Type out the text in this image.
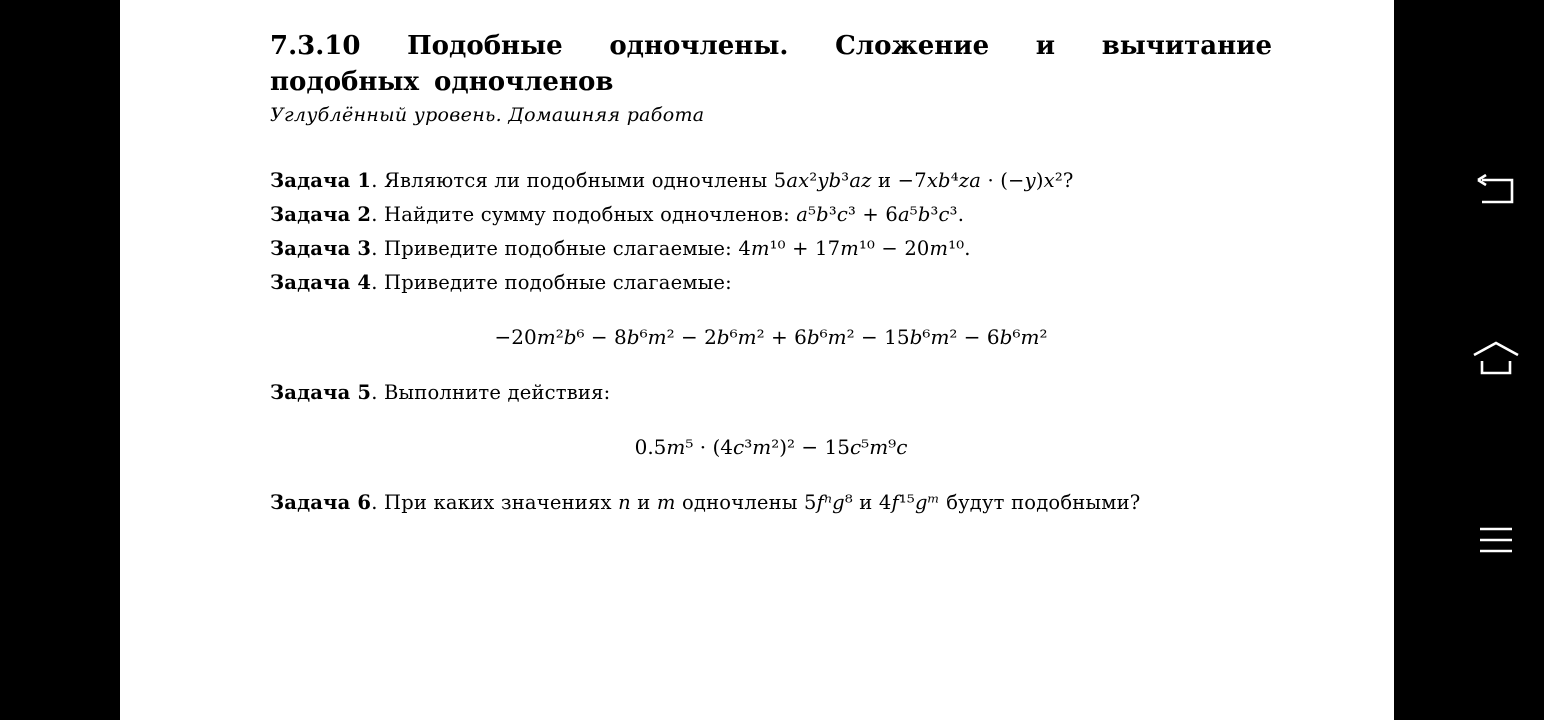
7.3.10 Подобные одночлены. Сложение и вычитание подобных одночленов
Углублённый уровень. Домашняя работа
Задача 1. Являются ли подобными одночлены 5ax²yb³az и −7xb⁴za · (−y)x²?
Задача 2. Найдите сумму подобных одночленов: a⁵b³c³ + 6a⁵b³c³.
Задача 3. Приведите подобные слагаемые: 4m¹⁰ + 17m¹⁰ − 20m¹⁰.
Задача 4. Приведите подобные слагаемые:
−20m²b⁶ − 8b⁶m² − 2b⁶m² + 6b⁶m² − 15b⁶m² − 6b⁶m²
Задача 5. Выполните действия:
0.5m⁵ · (4c³m²)² − 15c⁵m⁹c
Задача 6. При каких значениях n и m одночлены 5fⁿg⁸ и 4f¹⁵gᵐ будут подобными?
